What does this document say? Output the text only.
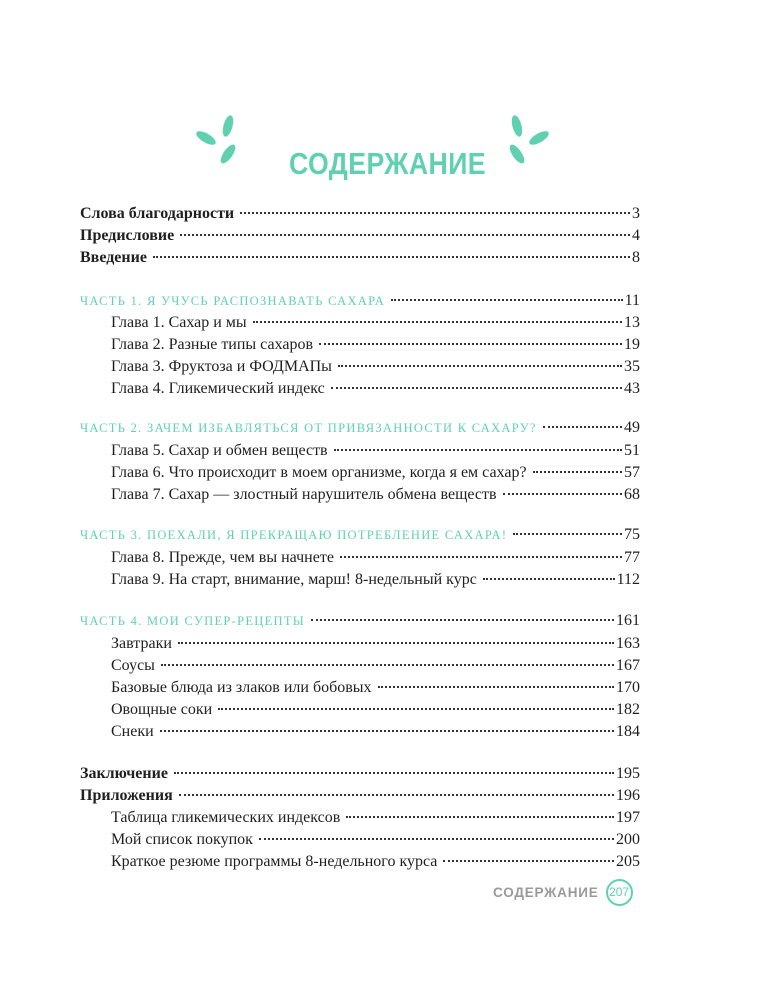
СОДЕРЖАНИЕ
Слова благодарности	3
Предисловие	4
Введение	8
ЧАСТЬ 1. Я УЧУСЬ РАСПОЗНАВАТЬ САХАРА	11
Глава 1. Сахар и мы	13
Глава 2. Разные типы сахаров	19
Глава 3. Фруктоза и ФОДМАПы	35
Глава 4. Гликемический индекс	43
ЧАСТЬ 2. ЗАЧЕМ ИЗБАВЛЯТЬСЯ ОТ ПРИВЯЗАННОСТИ К САХАРУ?	49
Глава 5. Сахар и обмен веществ	51
Глава 6. Что происходит в моем организме, когда я ем сахар?	57
Глава 7. Сахар — злостный нарушитель обмена веществ	68
ЧАСТЬ 3. ПОЕХАЛИ, Я ПРЕКРАЩАЮ ПОТРЕБЛЕНИЕ САХАРА!	75
Глава 8. Прежде, чем вы начнете	77
Глава 9. На старт, внимание, марш! 8-недельный курс	112
ЧАСТЬ 4. МОИ СУПЕР-РЕЦЕПТЫ	161
Завтраки	163
Соусы	167
Базовые блюда из злаков или бобовых	170
Овощные соки	182
Снеки	184
Заключение	195
Приложения	196
Таблица гликемических индексов	197
Мой список покупок	200
Краткое резюме программы 8-недельного курса	205
СОДЕРЖАНИЕ 207
